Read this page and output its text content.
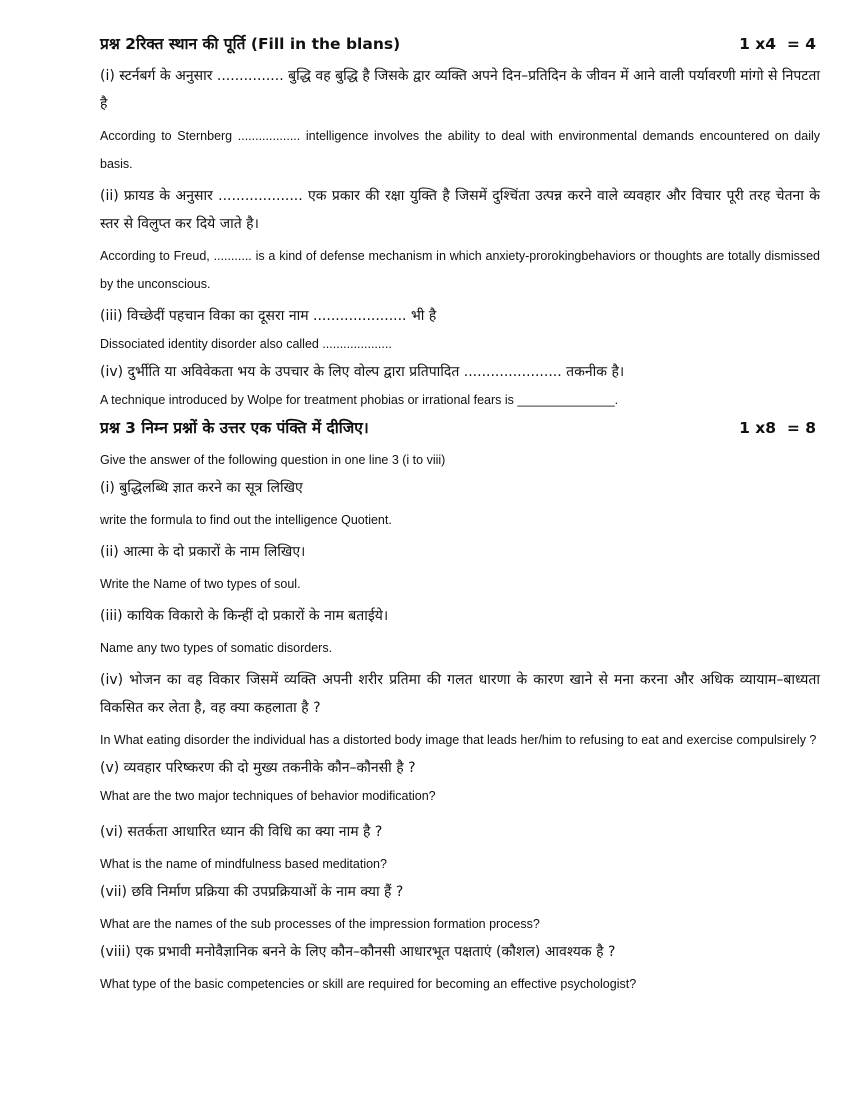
प्रश्न 2रिक्त स्थान की पूर्ति (Fill in the blans)	1 x4  = 4

(i) स्टर्नबर्ग के अनुसार ............... बुद्धि वह बुद्धि है जिसके द्वार व्यक्ति अपने दिन–प्रतिदिन के जीवन में आने वाली पर्यावरणी मांगो से निपटता है

According to Sternberg .................. intelligence involves the ability to deal with environmental demands encountered on daily basis.

(ii) फ्रायड के अनुसार ................... एक प्रकार की रक्षा युक्ति है जिसमें दुश्चिंता उत्पन्न करने वाले व्यवहार और विचार पूरी तरह चेतना के स्तर से विलुप्त कर दिये जाते है।

According to Freud, ........... is a kind of defense mechanism in which anxiety-prorokingbehaviors or thoughts are totally dismissed by the unconscious.

(iii) विच्छेदीं पहचान विका का दूसरा नाम ..................... भी है

Dissociated identity disorder also called ....................

(iv) दुर्भीति या अविवेकता भय के उपचार के लिए वोल्प द्वारा प्रतिपादित ...................... तकनीक है।

A technique introduced by Wolpe for treatment phobias or irrational fears is ______________.

प्रश्न 3 निम्न प्रश्नों के उत्तर एक पंक्ति में दीजिए।	1 x8  = 8

Give the answer of the following question in one line 3 (i to viii)

(i) बुद्धिलब्धि ज्ञात करने का सूत्र लिखिए

write the formula to find out the intelligence Quotient.

(ii) आत्मा के दो प्रकारों के नाम लिखिए।

Write the Name of two types of soul.

(iii) कायिक विकारो के किन्हीं दो प्रकारों के नाम बताईये।

Name any two types of somatic disorders.

(iv) भोजन का वह विकार जिसमें व्यक्ति अपनी शरीर प्रतिमा की गलत धारणा के कारण खाने से मना करना और अधिक व्यायाम–बाध्यता विकसित कर लेता है, वह क्या कहलाता है ?

In What eating disorder the individual has a distorted body image that leads her/him to refusing to eat and exercise compulsirely ?

(v) व्यवहार परिष्करण की दो मुख्य तकनीके कौन–कौनसी है ?

What are the two major techniques of behavior modification?

(vi) सतर्कता आधारित ध्यान की विधि का क्या नाम है ?

What is the name of mindfulness based meditation?

(vii) छवि निर्माण प्रक्रिया की उपप्रक्रियाओं के नाम क्या हैं ?

What are the names of the sub processes of the impression formation process?

(viii) एक प्रभावी मनोवैज्ञानिक बनने के लिए कौन–कौनसी आधारभूत पक्षताएं (कौशल) आवश्यक है ?

What type of the basic competencies or skill are required for becoming an effective psychologist?
